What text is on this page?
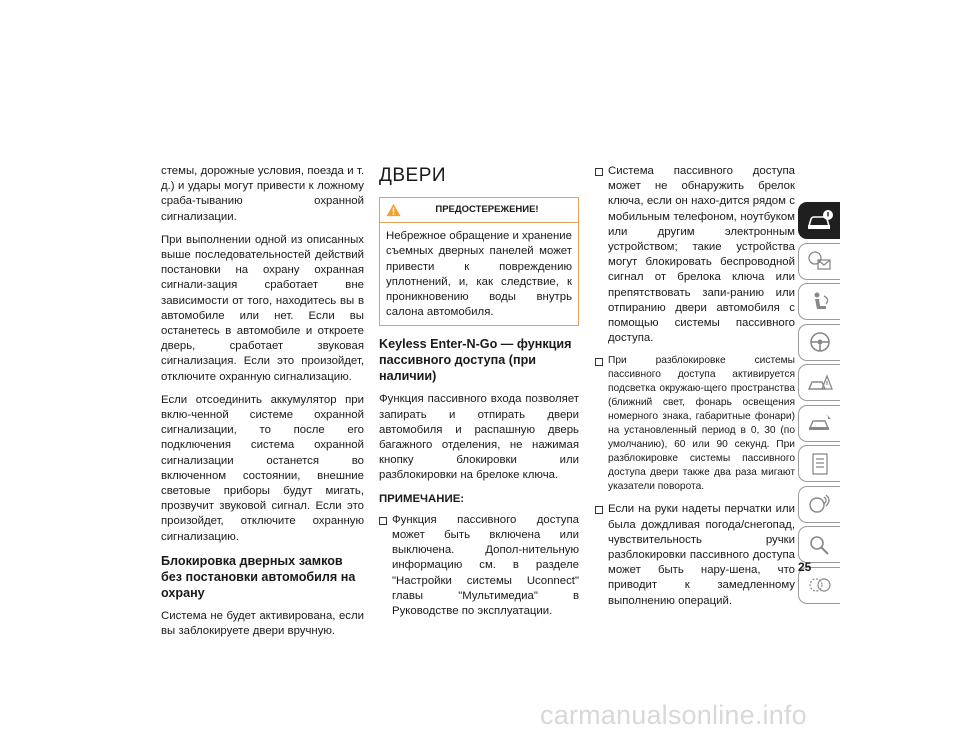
стемы, дорожные условия, поезда и т. д.) и удары могут привести к ложному сраба-тыванию охранной сигнализации.

При выполнении одной из описанных выше последовательностей действий постановки на охрану охранная сигнали-зация сработает вне зависимости от того, находитесь вы в автомобиле или нет. Если вы останетесь в автомобиле и откроете дверь, сработает звуковая сигнализация. Если это произойдет, отключите охранную сигнализацию.

Если отсоединить аккумулятор при вклю-ченной системе охранной сигнализации, то после его подключения система охранной сигнализации останется во включенном состоянии, внешние световые приборы будут мигать, прозвучит звуковой сигнал. Если это произойдет, отключите охранную сигнализацию.

Блокировка дверных замков без постановки автомобиля на охрану

Система не будет активирована, если вы заблокируете двери вручную.

ДВЕРИ
ПРЕДОСТЕРЕЖЕНИЕ!
Небрежное обращение и хранение съемных дверных панелей может привести к повреждению уплотнений, и, как следствие, к проникновению воды внутрь салона автомобиля.
Keyless Enter-N-Go — функция пассивного доступа (при наличии)

Функция пассивного входа позволяет запирать и отпирать двери автомобиля и распашную дверь багажного отделения, не нажимая кнопку блокировки или разблокировки на брелоке ключа.

ПРИМЕЧАНИЕ:
Функция пассивного доступа может быть включена или выключена. Допол-нительную информацию см. в разделе "Настройки системы Uconnect" главы "Мультимедиа" в Руководстве по эксплуатации.
Система пассивного доступа может не обнаружить брелок ключа, если он нахо-дится рядом с мобильным телефоном, ноутбуком или другим электронным устройством; такие устройства могут блокировать беспроводной сигнал от брелока ключа или препятствовать запи-ранию или отпиранию двери автомобиля с помощью системы пассивного доступа.
При разблокировке системы пассивного доступа активируется подсветка окружаю-щего пространства (ближний свет, фонарь освещения номерного знака, габаритные фонари) на установленный период в 0, 30 (по умолчанию), 60 или 90 секунд. При разблокировке системы пассивного доступа двери также два раза мигают указатели поворота.
Если на руки надеты перчатки или была дождливая погода/снегопад, чувствительность ручки разблокировки пассивного доступа может быть нару-шена, что приводит к замедленному выполнению операций.
25
carmanualsonline.info
